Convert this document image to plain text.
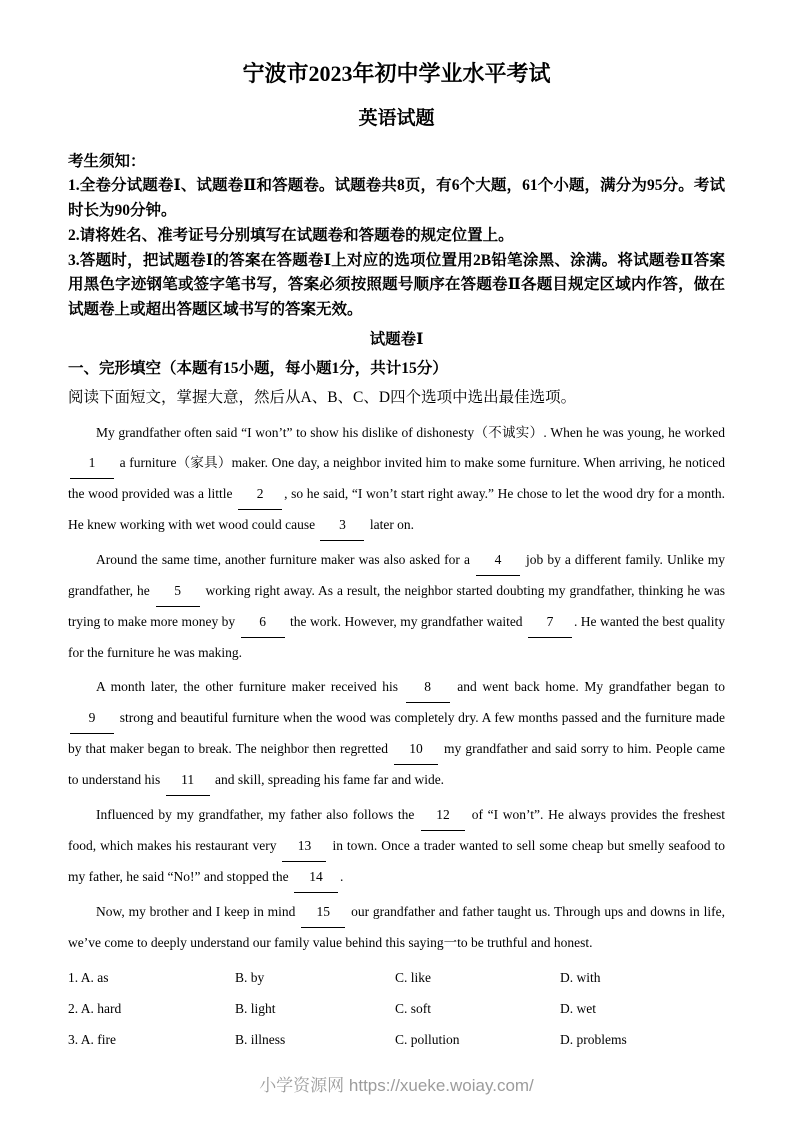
宁波市2023年初中学业水平考试
英语试题

考生须知：

1.全卷分试题卷Ⅰ、试题卷Ⅱ和答题卷。试题卷共8页，有6个大题，61个小题，满分为95分。考试时长为90分钟。

2.请将姓名、准考证号分别填写在试题卷和答题卷的规定位置上。

3.答题时，把试题卷Ⅰ的答案在答题卷Ⅰ上对应的选项位置用2B铅笔涂黑、涂满。将试题卷Ⅱ答案用黑色字迹钢笔或签字笔书写，答案必须按照题号顺序在答题卷Ⅱ各题目规定区域内作答，做在试题卷上或超出答题区域书写的答案无效。

试题卷Ⅰ
一、完形填空（本题有15小题，每小题1分，共计15分）
阅读下面短文，掌握大意，然后从A、B、C、D四个选项中选出最佳选项。

My grandfather often said “I won’t” to show his dislike of dishonesty（不诚实）. When he was young, he worked 1 a furniture（家具）maker. One day, a neighbor invited him to make some furniture. When arriving, he noticed the wood provided was a little 2 , so he said, “I won’t start right away.” He chose to let the wood dry for a month. He knew working with wet wood could cause 3 later on.

Around the same time, another furniture maker was also asked for a 4 job by a different family. Unlike my grandfather, he 5 working right away. As a result, the neighbor started doubting my grandfather, thinking he was trying to make more money by 6 the work. However, my grandfather waited 7 . He wanted the best quality for the furniture he was making.

A month later, the other furniture maker received his 8 and went back home. My grandfather began to 9 strong and beautiful furniture when the wood was completely dry. A few months passed and the furniture made by that maker began to break. The neighbor then regretted 10 my grandfather and said sorry to him. People came to understand his 11 and skill, spreading his fame far and wide.

Influenced by my grandfather, my father also follows the 12 of “I won’t”. He always provides the freshest food, which makes his restaurant very 13 in town. Once a trader wanted to sell some cheap but smelly seafood to my father, he said “No!” and stopped the 14 .

Now, my brother and I keep in mind 15 our grandfather and father taught us. Through ups and downs in life, we’ve come to deeply understand our family value behind this saying一to be truthful and honest.

1. A. as	B. by	C. like	D. with
2. A. hard	B. light	C. soft	D. wet
3. A. fire	B. illness	C. pollution	D. problems
小学资源网 https://xueke.woiay.com/
